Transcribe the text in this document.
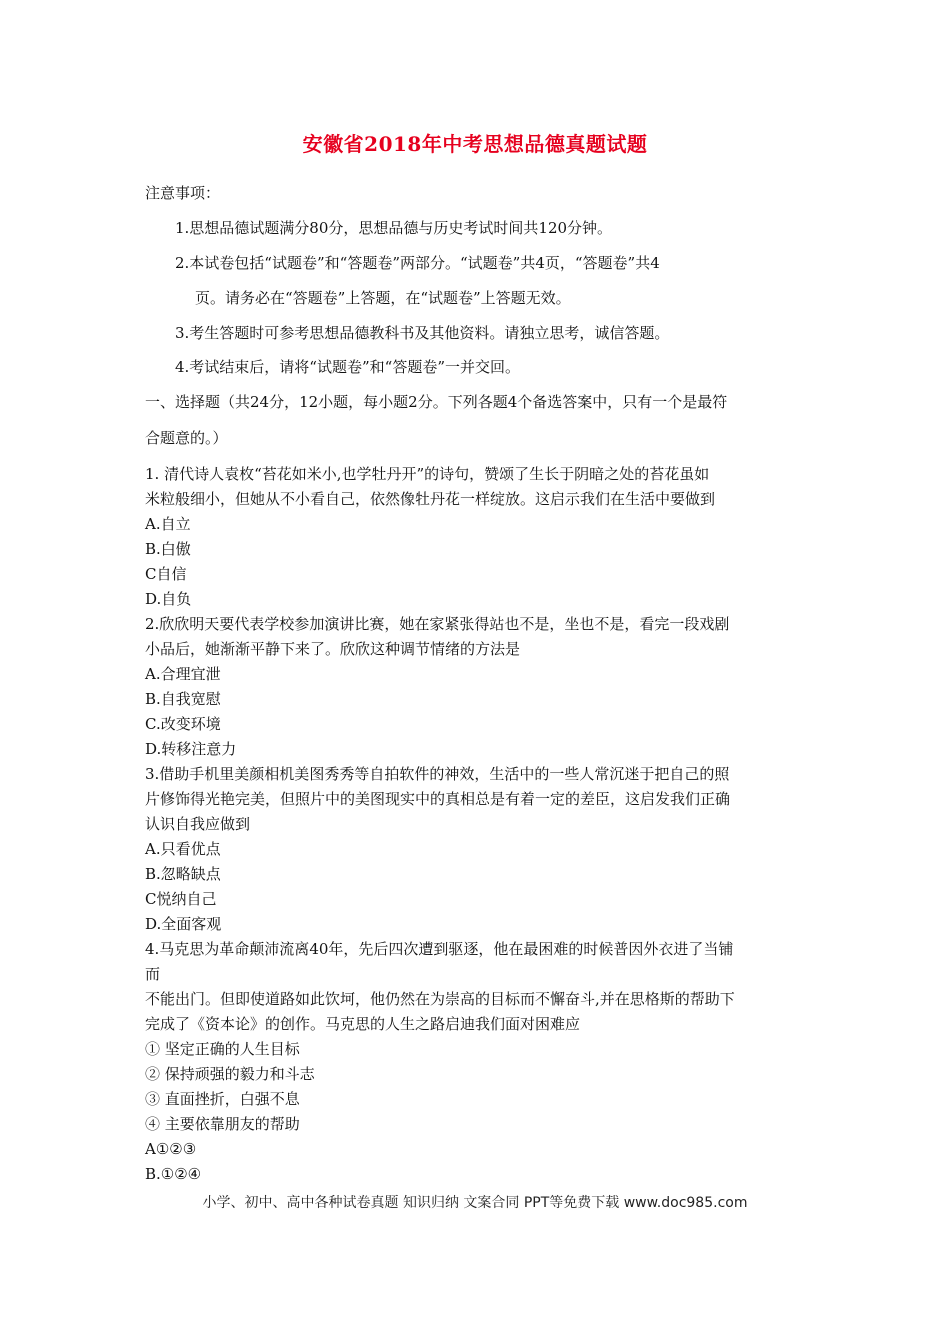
安徽省2018年中考思想品德真题试题
注意事项：
1.思想品德试题满分80分，思想品德与历史考试时间共120分钟。
2.本试卷包括“试题卷”和“答题卷”两部分。“试题卷”共4页，“答题卷”共4
页。请务必在“答题卷”上答题，在“试题卷”上答题无效。
3.考生答题时可参考思想品德教科书及其他资料。请独立思考，诚信答题。
4.考试结束后，请将“试题卷”和“答题卷”一并交回。
一、选择题（共24分，12小题，每小题2分。下列各题4个备选答案中，只有一个是最符
合题意的。）
1. 清代诗人袁枚“苔花如米小,也学牡丹开”的诗句，赞颂了生长于阴暗之处的苔花虽如
米粒般细小，但她从不小看自己，依然像牡丹花一样绽放。这启示我们在生活中要做到
A.自立
B.白傲
C自信
D.自负
2.欣欣明天要代表学校参加演讲比赛，她在家紧张得站也不是，坐也不是，看完一段戏剧
小品后，她渐渐平静下来了。欣欣这种调节情绪的方法是
A.合理宜泄
B.自我宽慰
C.改变环境
D.转移注意力
3.借助手机里美颜相机美图秀秀等自拍软件的神效，生活中的一些人常沉迷于把自己的照
片修饰得光艳完美，但照片中的美图现实中的真相总是有着一定的差臣，这启发我们正确
认识自我应做到
A.只看优点
B.忽略缺点
C悦纳自己
D.全面客观
4.马克思为革命颠沛流离40年，先后四次遭到驱逐，他在最困难的时候普因外衣进了当铺
而
不能出门。但即使道路如此饮坷，他仍然在为崇高的目标而不懈奋斗,并在思格斯的帮助下
完成了《资本论》的创作。马克思的人生之路启迪我们面对困难应
① 坚定正确的人生目标
② 保持顽强的毅力和斗志
③ 直面挫折，白强不息
④ 主要依靠朋友的帮助
A①②③
B.①②④
小学、初中、高中各种试卷真题 知识归纳 文案合同 PPT等免费下载 www.doc985.com
